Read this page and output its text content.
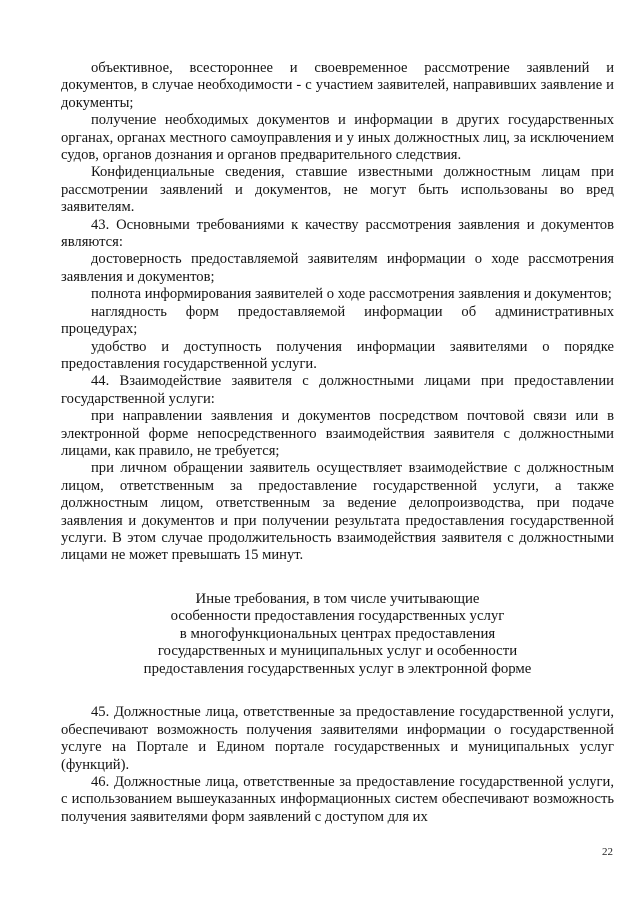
объективное, всестороннее и своевременное рассмотрение заявлений и документов, в случае необходимости - с участием заявителей, направивших заявление и документы;

получение необходимых документов и информации в других государственных органах, органах местного самоуправления и у иных должностных лиц, за исключением судов, органов дознания и органов предварительного следствия.

Конфиденциальные сведения, ставшие известными должностным лицам при рассмотрении заявлений и документов, не могут быть использованы во вред заявителям.

43. Основными требованиями к качеству рассмотрения заявления и документов являются:

достоверность предоставляемой заявителям информации о ходе рассмотрения заявления и документов;

полнота информирования заявителей о ходе рассмотрения заявления и документов;

наглядность форм предоставляемой информации об административных процедурах;

удобство и доступность получения информации заявителями о порядке предоставления государственной услуги.

44. Взаимодействие заявителя с должностными лицами при предоставлении государственной услуги:

при направлении заявления и документов посредством почтовой связи или в электронной форме непосредственного взаимодействия заявителя с должностными лицами, как правило, не требуется;

при личном обращении заявитель осуществляет взаимодействие с должностным лицом, ответственным за предоставление государственной услуги, а также должностным лицом, ответственным за ведение делопроизводства, при подаче заявления и документов и при получении результата предоставления государственной услуги. В этом случае продолжительность взаимодействия заявителя с должностными лицами не может превышать 15 минут.

Иные требования, в том числе учитывающие
особенности предоставления государственных услуг
в многофункциональных центрах предоставления
государственных и муниципальных услуг и особенности
предоставления государственных услуг в электронной форме

45. Должностные лица, ответственные за предоставление государственной услуги, обеспечивают возможность получения заявителями информации о государственной услуге на Портале и Едином портале государственных и муниципальных услуг (функций).

46. Должностные лица, ответственные за предоставление государственной услуги, с использованием вышеуказанных информационных систем обеспечивают возможность получения заявителями форм заявлений с доступом для их

22
